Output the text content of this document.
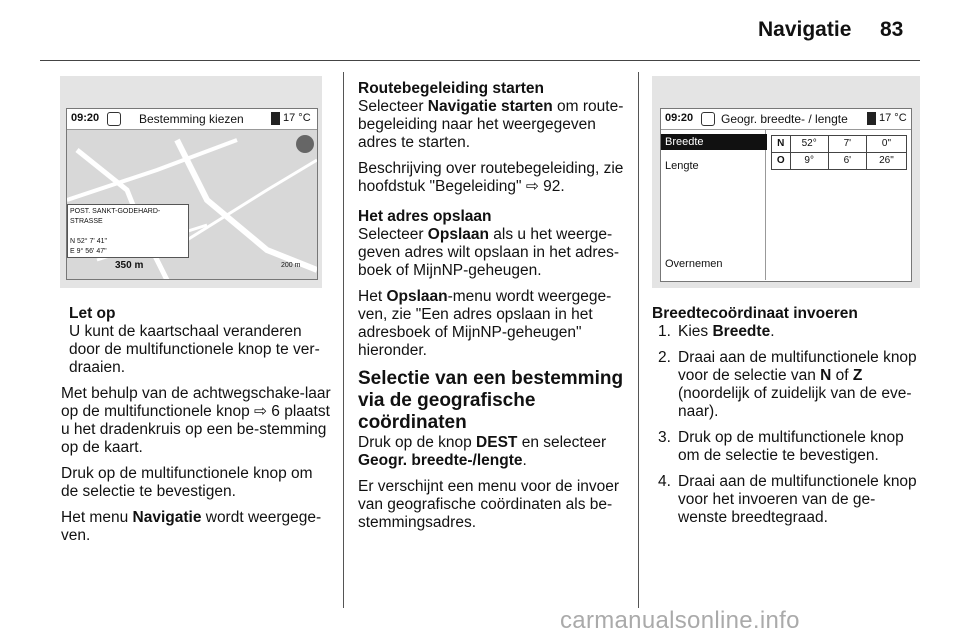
Navigatie 83
09:20	Bestemming kiezen	17 °C
POST. SANKT-GODEHARD-STRASSE
N 52° 7' 41"
E 9° 56' 47"
350 m	200 m
Let op

U kunt de kaartschaal veranderen door de multifunctionele knop te ver-draaien.

Met behulp van de achtwegschake-laar op de multifunctionele knop ⇨ 6 plaatst u het dradenkruis op een be-stemming op de kaart.

Druk op de multifunctionele knop om de selectie te bevestigen.

Het menu Navigatie wordt weergege-ven.

Routebegeleiding starten

Selecteer Navigatie starten om route-begeleiding naar het weergegeven adres te starten.

Beschrijving over routebegeleiding, zie hoofdstuk "Begeleiding" ⇨ 92.

Het adres opslaan

Selecteer Opslaan als u het weerge-geven adres wilt opslaan in het adres-boek of MijnNP-geheugen.

Het Opslaan-menu wordt weergege-ven, zie "Een adres opslaan in het adresboek of MijnNP-geheugen" hieronder.

Selectie van een bestemming via de geografische coördinaten

Druk op de knop DEST en selecteer Geogr. breedte-/lengte.

Er verschijnt een menu voor de invoer van geografische coördinaten als be-stemmingsadres.

09:20 Geogr. breedte- / lengte	17 °C
Breedte
Lengte
Overnemen
N	52°	7'	0"
O	9°	6'	26"
Breedtecoördinaat invoeren
1. Kies Breedte.
2. Draai aan de multifunctionele knop voor de selectie van N of Z (noordelijk of zuidelijk van de eve-naar).
3. Druk op de multifunctionele knop om de selectie te bevestigen.
4. Draai aan de multifunctionele knop voor het invoeren van de ge-wenste breedtegraad.
carmanualsonline.info
